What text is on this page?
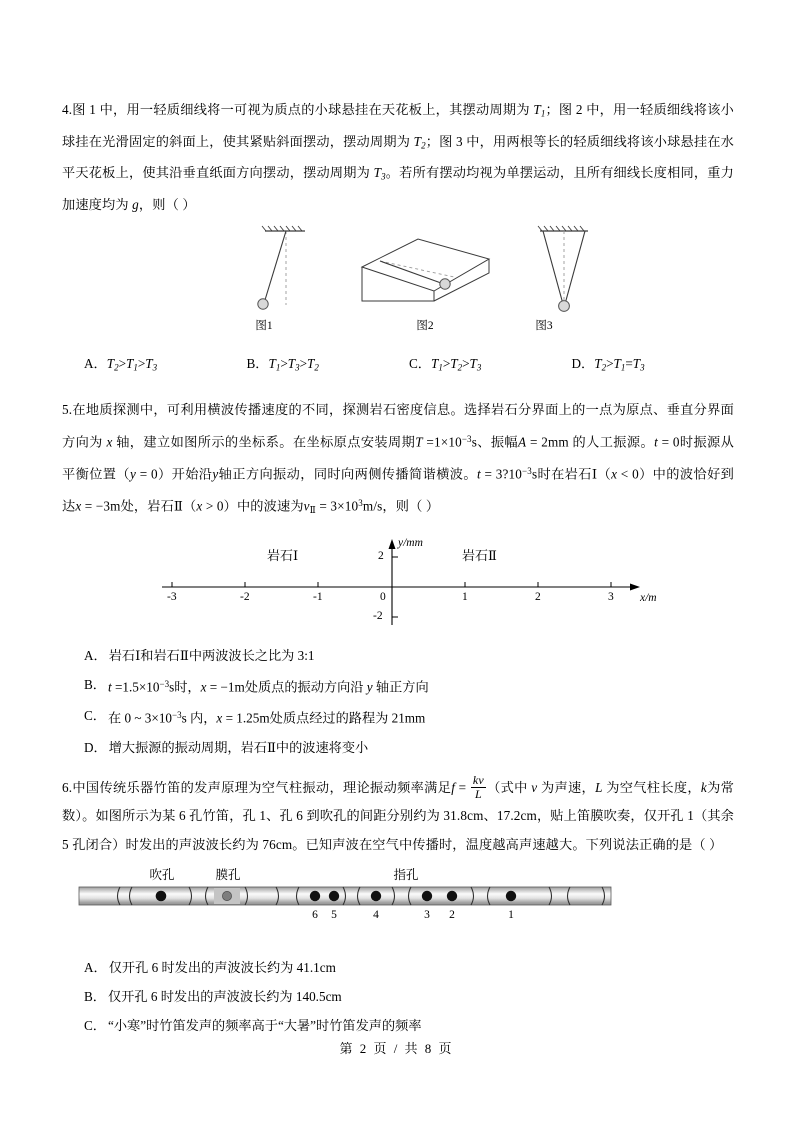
4.图 1 中，用一轻质细线将一可视为质点的小球悬挂在天花板上，其摆动周期为 $T_1$；图 2 中，用一轻质细线将该小球挂在光滑固定的斜面上，使其紧贴斜面摆动，摆动周期为 $T_2$；图 3 中，用两根等长的轻质细线将该小球悬挂在水平天花板上，使其沿垂直纸面方向摆动，摆动周期为 $T_3$。若所有摆动均视为单摆运动，且所有细线长度相同，重力加速度均为 g，则（ ）
图1	图2	图3
A．$T_2>T_1>T_3$	B．$T_1>T_3>T_2$	C．$T_1>T_2>T_3$	D．$T_2>T_1=T_3$
5.在地质探测中，可利用横波传播速度的不同，探测岩石密度信息。选择岩石分界面上的一点为原点、垂直分界面方向为 x 轴，建立如图所示的坐标系。在坐标原点安装周期$T =1\times 10^{-3}s$、振幅A = 2mm 的人工振源。t = 0时振源从平衡位置（y = 0）开始沿y轴正方向振动，同时向两侧传播简谐横波。$t = 3?10^{-3}s$时在岩石Ⅰ（x < 0）中的波恰好到达x = −3m处，岩石Ⅱ（x > 0）中的波速为$v_Ⅱ = 3\times 10^3m/s$，则（ ）
-3	-2	-1	0	1	2	3
2
-2
y/mm
x/m
岩石Ⅰ	岩石Ⅱ
A． 岩石Ⅰ和岩石Ⅱ中两波波长之比为 3:1
B． $t =1.5\times 10^{-3}s$时，x = −1m处质点的振动方向沿 y 轴正方向
C． 在 0 ~ $3\times 10^{-3}s$ 内，x = 1.25m处质点经过的路程为 21mm
D． 增大振源的振动周期，岩石Ⅱ中的波速将变小
6.中国传统乐器竹笛的发声原理为空气柱振动，理论振动频率满足$f = \frac{kv}{L}$ （式中 v 为声速，L 为空气柱长度，k为常数）。如图所示为某 6 孔竹笛，孔 1、孔 6 到吹孔的间距分别约为 31.8cm、17.2cm，贴上笛膜吹奏，仅开孔 1（其余 5 孔闭合）时发出的声波波长约为 76cm。已知声波在空气中传播时，温度越高声速越大。下列说法正确的是（ ）
吹孔	膜孔	指孔
6	5	4	3	2	1
A． 仅开孔 6 时发出的声波波长约为 41.1cm
B． 仅开孔 6 时发出的声波波长约为 140.5cm
C． “小寒”时竹笛发声的频率高于“大暑”时竹笛发声的频率
第 2 页 / 共 8 页
